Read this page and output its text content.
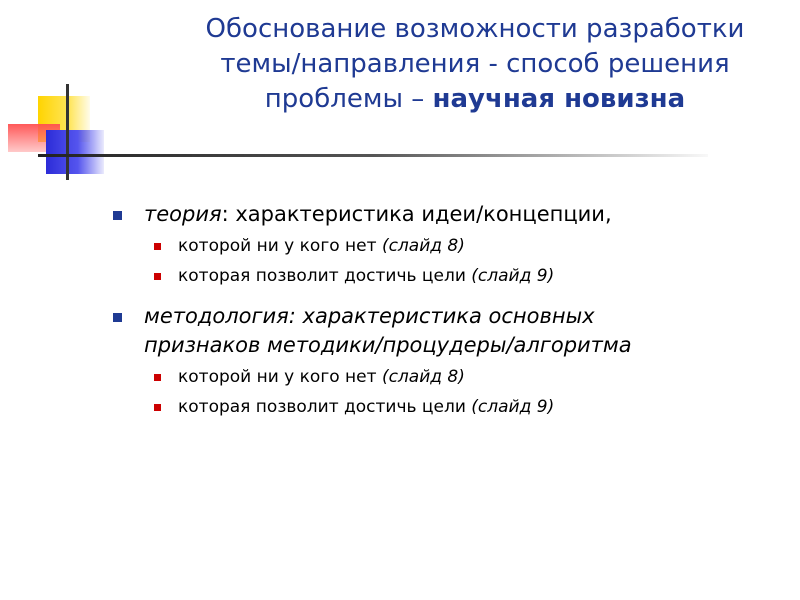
Обоснование возможности разработки
темы/направления - способ решения
проблемы – научная новизна
теория: характеристика идеи/концепции,
которой ни у кого нет (слайд 8)
которая позволит достичь цели (слайд 9)
методология: характеристика основных
признаков методики/процудеры/алгоритма
которой ни у кого нет (слайд 8)
которая позволит достичь цели (слайд 9)
